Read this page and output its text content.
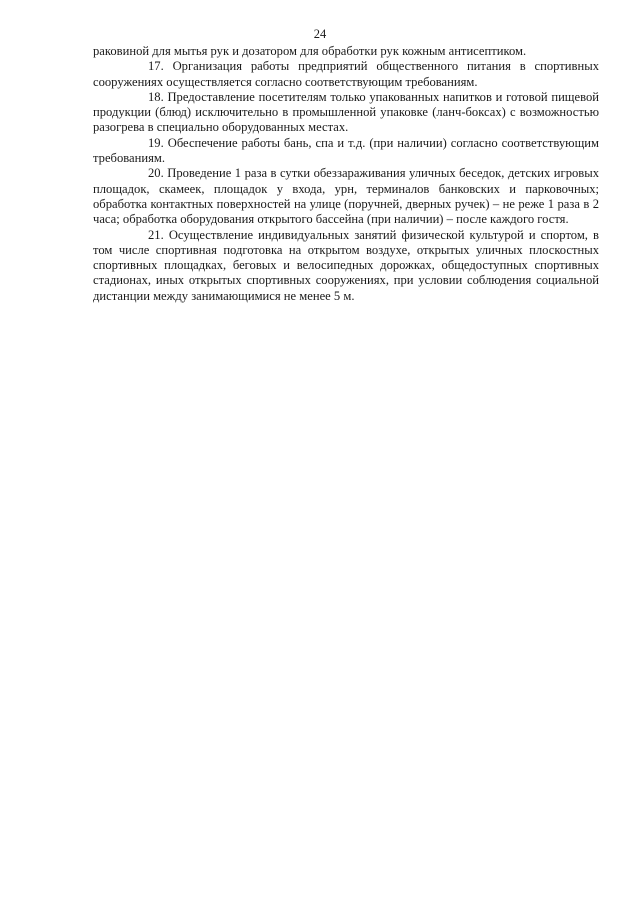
24

раковиной для мытья рук и дозатором для обработки рук кожным антисептиком.

17. Организация работы предприятий общественного питания в спортивных сооружениях осуществляется согласно соответствующим требованиям.

18. Предоставление посетителям только упакованных напитков и готовой пищевой продукции (блюд) исключительно в промышленной упаковке (ланч-боксах) с возможностью разогрева в специально оборудованных местах.

19. Обеспечение работы бань, спа и т.д. (при наличии) согласно соответствующим требованиям.

20. Проведение 1 раза в сутки обеззараживания уличных беседок, детских игровых площадок, скамеек, площадок у входа, урн, терминалов банковских и парковочных; обработка контактных поверхностей на улице (поручней, дверных ручек) – не реже 1 раза в 2 часа; обработка оборудования открытого бассейна (при наличии) – после каждого гостя.

21. Осуществление индивидуальных занятий физической культурой и спортом, в том числе спортивная подготовка на открытом воздухе, открытых уличных плоскостных спортивных площадках, беговых и велосипедных дорожках, общедоступных спортивных стадионах, иных открытых спортивных сооружениях, при условии соблюдения социальной дистанции между занимающимися не менее 5 м.
